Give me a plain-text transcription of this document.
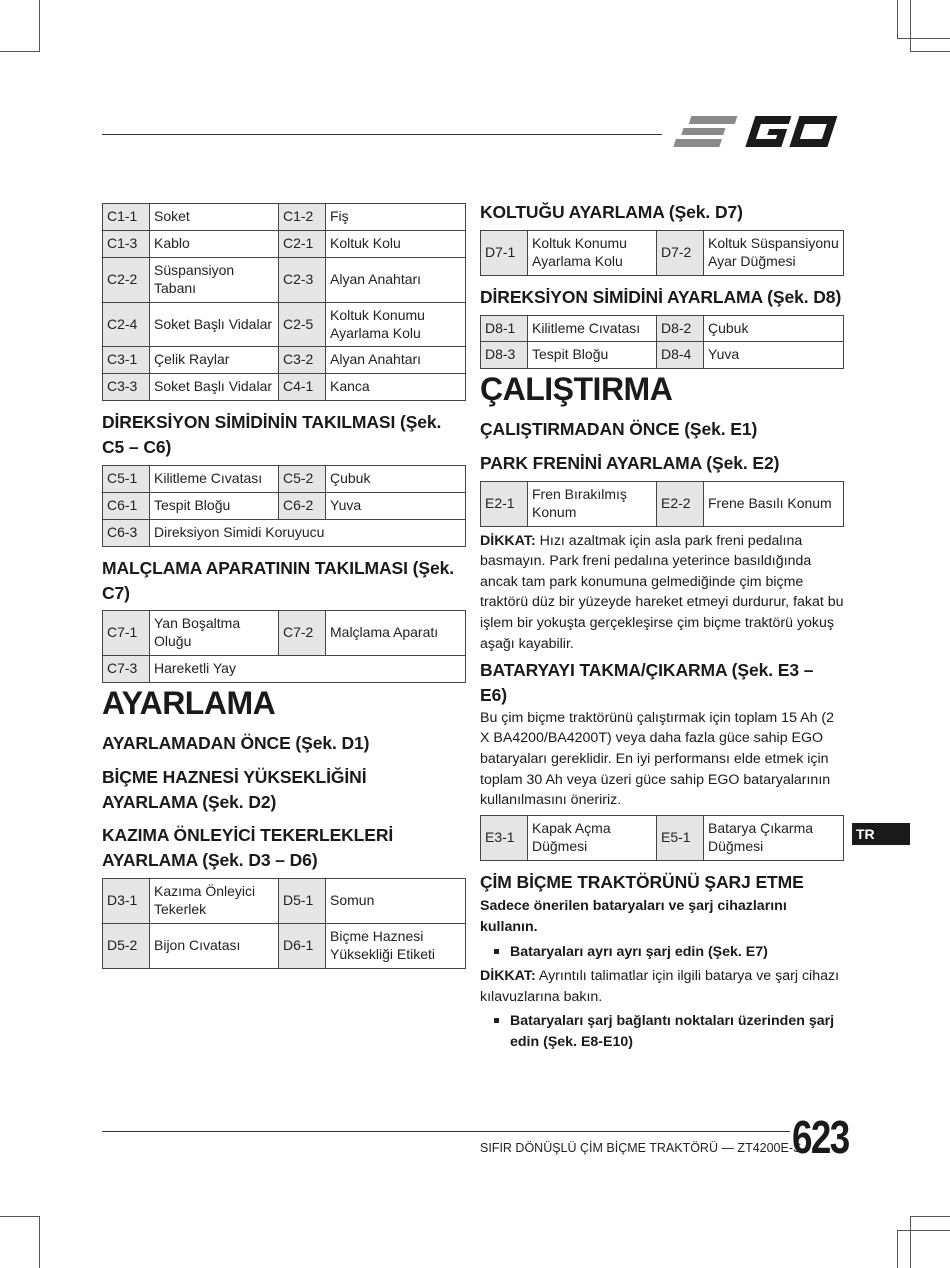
C1-1	Soket	C1-2	Fiş
C1-3	Kablo	C2-1	Koltuk Kolu
C2-2	Süspansiyon Tabanı	C2-3	Alyan Anahtarı
C2-4	Soket Başlı Vidalar	C2-5	Koltuk Konumu Ayarlama Kolu
C3-1	Çelik Raylar	C3-2	Alyan Anahtarı
C3-3	Soket Başlı Vidalar	C4-1	Kanca
DİREKSİYON SİMİDİNİN TAKILMASI (Şek. C5 – C6)
C5-1	Kilitleme Cıvatası	C5-2	Çubuk
C6-1	Tespit Bloğu	C6-2	Yuva
C6-3	Direksiyon Simidi Koruyucu		
MALÇLAMA APARATININ TAKILMASI (Şek. C7)
C7-1	Yan Boşaltma Oluğu	C7-2	Malçlama Aparatı
C7-3	Hareketli Yay		
AYARLAMA
AYARLAMADAN ÖNCE (Şek. D1)
BİÇME HAZNESİ YÜKSEKLİĞİNİ AYARLAMA (Şek. D2)
KAZIMA ÖNLEYİCİ TEKERLEKLERİ AYARLAMA (Şek. D3 – D6)
D3-1	Kazıma Önleyici Tekerlek	D5-1	Somun
D5-2	Bijon Cıvatası	D6-1	Biçme Haznesi Yüksekliği Etiketi
KOLTUĞU AYARLAMA (Şek. D7)
D7-1	Koltuk Konumu Ayarlama Kolu	D7-2	Koltuk Süspansiyonu Ayar Düğmesi
DİREKSİYON SİMİDİNİ AYARLAMA (Şek. D8)
D8-1	Kilitleme Cıvatası	D8-2	Çubuk
D8-3	Tespit Bloğu	D8-4	Yuva
ÇALIŞTIRMA
ÇALIŞTIRMADAN ÖNCE (Şek. E1)
PARK FRENİNİ AYARLAMA (Şek. E2)
E2-1	Fren Bırakılmış Konum	E2-2	Frene Basılı Konum

DİKKAT: Hızı azaltmak için asla park freni pedalına basmayın. Park freni pedalına yeterince basıldığında ancak tam park konumuna gelmediğinde çim biçme traktörü düz bir yüzeyde hareket etmeyi durdurur, fakat bu işlem bir yokuşta gerçekleşirse çim biçme traktörü yokuş aşağı kayabilir.

BATARYAYI TAKMA/ÇIKARMA (Şek. E3 – E6)

Bu çim biçme traktörünü çalıştırmak için toplam 15 Ah (2 X BA4200/BA4200T) veya daha fazla güce sahip EGO bataryaları gereklidir. En iyi performansı elde etmek için toplam 30 Ah veya üzeri güce sahip EGO bataryalarının kullanılmasını öneririz.

E3-1	Kapak Açma Düğmesi	E5-1	Batarya Çıkarma Düğmesi
ÇİM BİÇME TRAKTÖRÜNÜ ŞARJ ETME

Sadece önerilen bataryaları ve şarj cihazlarını kullanın.

Bataryaları ayrı ayrı şarj edin (Şek. E7)

DİKKAT: Ayrıntılı talimatlar için ilgili batarya ve şarj cihazı kılavuzlarına bakın.

Bataryaları şarj bağlantı noktaları üzerinden şarj edin (Şek. E8-E10)
TR
SIFIR DÖNÜŞLÜ ÇİM BİÇME TRAKTÖRÜ — ZT4200E-S
623
